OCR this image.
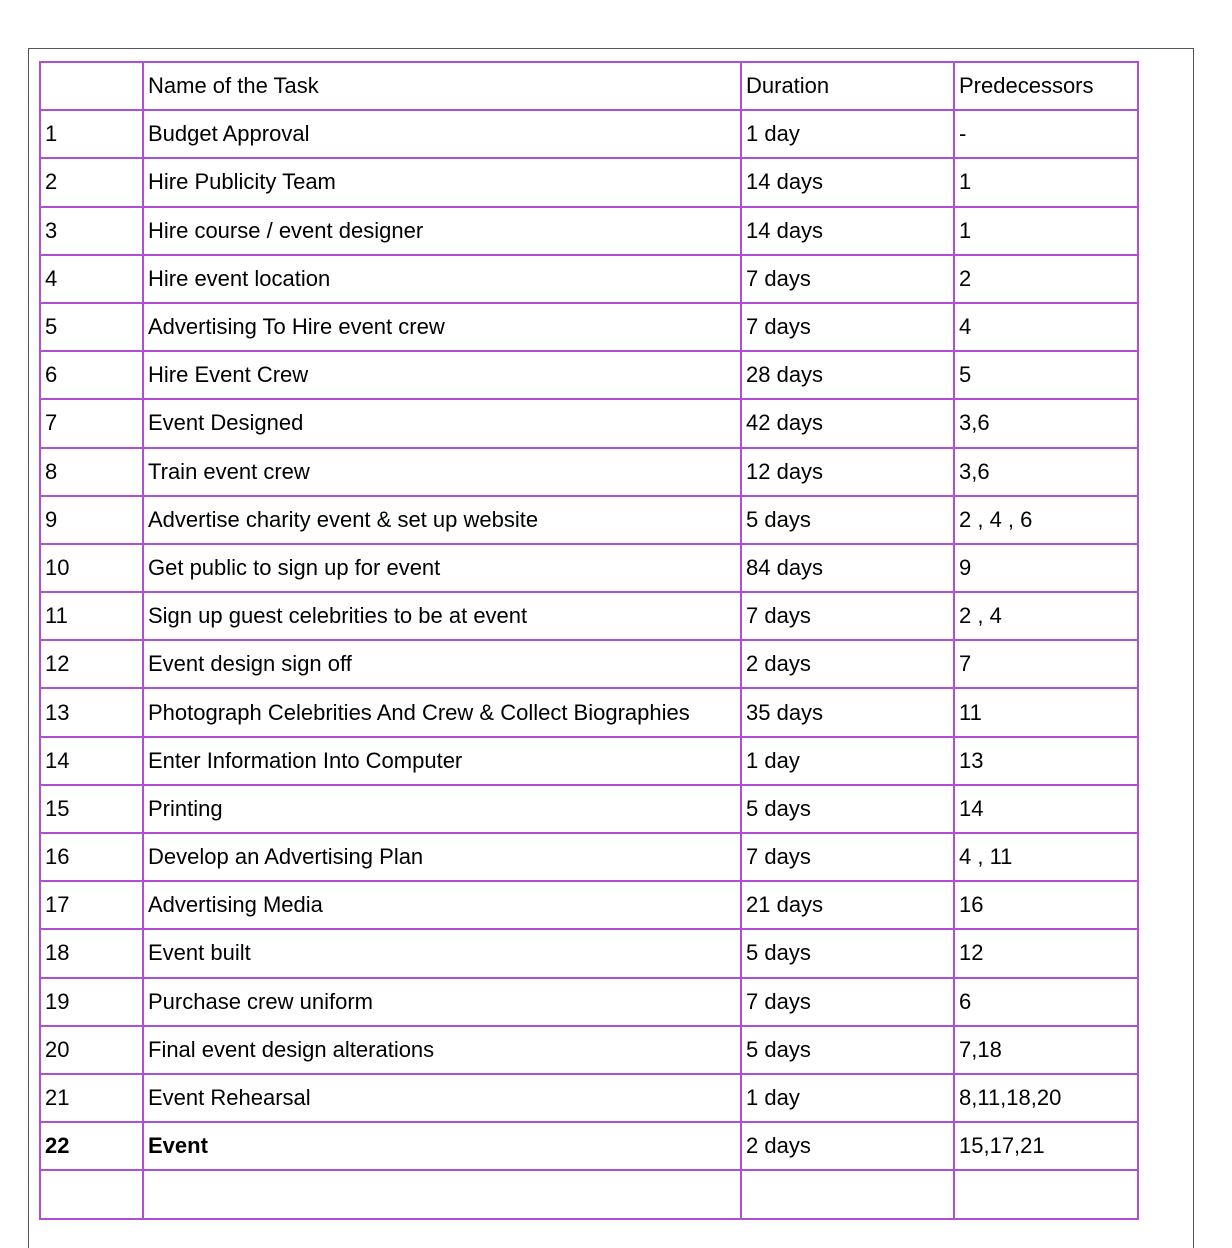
	Name of the Task	Duration	Predecessors
1	Budget Approval	1 day	-
2	Hire Publicity Team	14 days	1
3	Hire course / event designer	14 days	1
4	Hire event location	7 days	2
5	Advertising To Hire event crew	7 days	4
6	Hire Event Crew	28 days	5
7	Event Designed	42 days	3,6
8	Train event crew	12 days	3,6
9	Advertise charity event & set up website	5 days	2 , 4 , 6
10	Get public to sign up for event	84 days	9
11	Sign up guest celebrities to be at event	7 days	2 , 4
12	Event design sign off	2 days	7
13	Photograph Celebrities And Crew & Collect Biographies	35 days	11
14	Enter Information Into Computer	1 day	13
15	Printing	5 days	14
16	Develop an Advertising Plan	7 days	4 , 11
17	Advertising Media	21 days	16
18	Event built	5 days	12
19	Purchase crew uniform	7 days	6
20	Final event design alterations	5 days	7,18
21	Event Rehearsal	1 day	8,11,18,20
22	Event	2 days	15,17,21
